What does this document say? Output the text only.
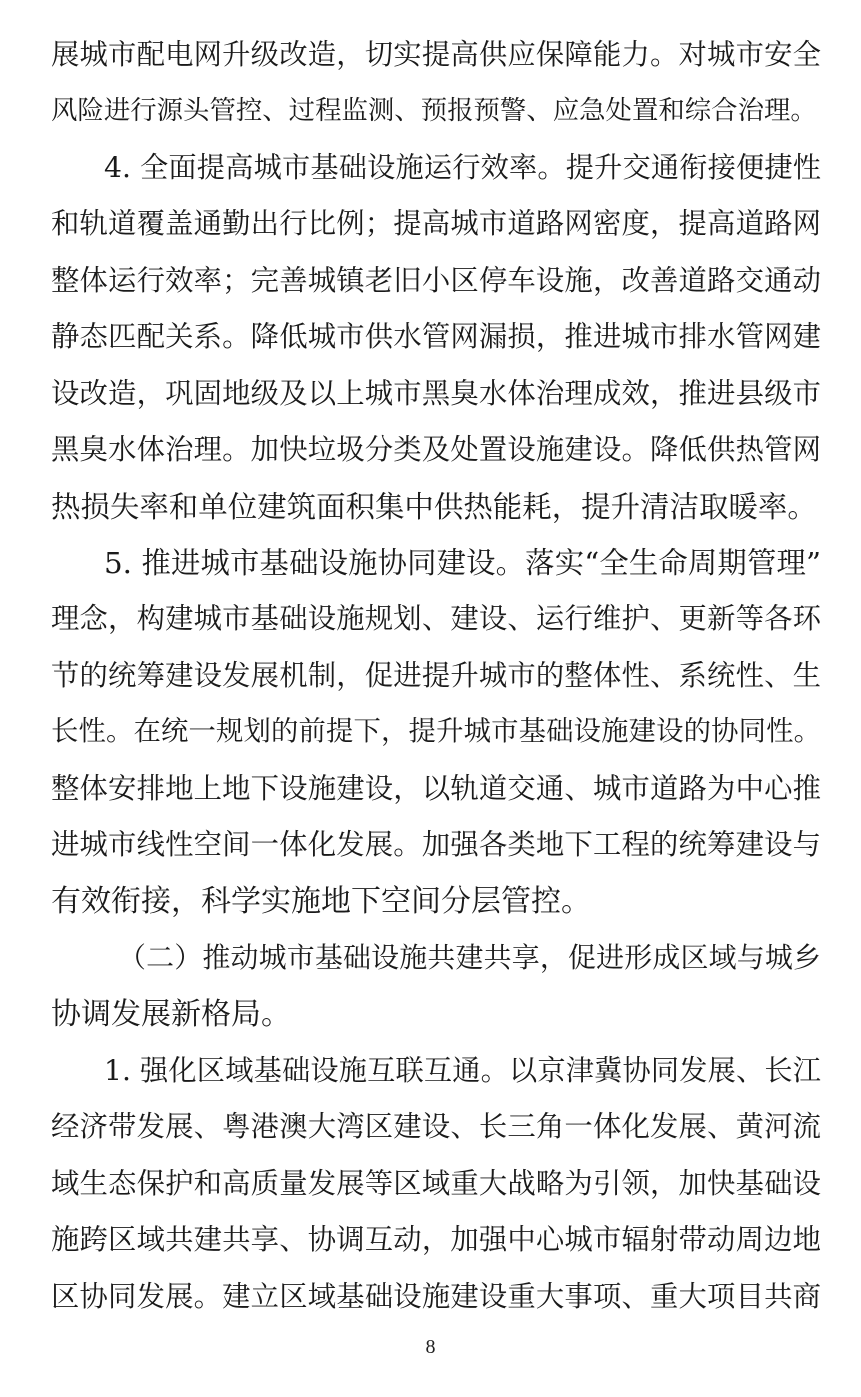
展城市配电网升级改造，切实提高供应保障能力。对城市安全
风险进行源头管控、过程监测、预报预警、应急处置和综合治理。
4. 全面提高城市基础设施运行效率。提升交通衔接便捷性
和轨道覆盖通勤出行比例；提高城市道路网密度，提高道路网
整体运行效率；完善城镇老旧小区停车设施，改善道路交通动
静态匹配关系。降低城市供水管网漏损，推进城市排水管网建
设改造，巩固地级及以上城市黑臭水体治理成效，推进县级市
黑臭水体治理。加快垃圾分类及处置设施建设。降低供热管网
热损失率和单位建筑面积集中供热能耗，提升清洁取暖率。
5. 推进城市基础设施协同建设。落实“全生命周期管理”
理念，构建城市基础设施规划、建设、运行维护、更新等各环
节的统筹建设发展机制，促进提升城市的整体性、系统性、生
长性。在统一规划的前提下，提升城市基础设施建设的协同性。
整体安排地上地下设施建设，以轨道交通、城市道路为中心推
进城市线性空间一体化发展。加强各类地下工程的统筹建设与
有效衔接，科学实施地下空间分层管控。
（二）推动城市基础设施共建共享，促进形成区域与城乡
协调发展新格局。
1. 强化区域基础设施互联互通。以京津冀协同发展、长江
经济带发展、粤港澳大湾区建设、长三角一体化发展、黄河流
域生态保护和高质量发展等区域重大战略为引领，加快基础设
施跨区域共建共享、协调互动，加强中心城市辐射带动周边地
区协同发展。建立区域基础设施建设重大事项、重大项目共商
8
